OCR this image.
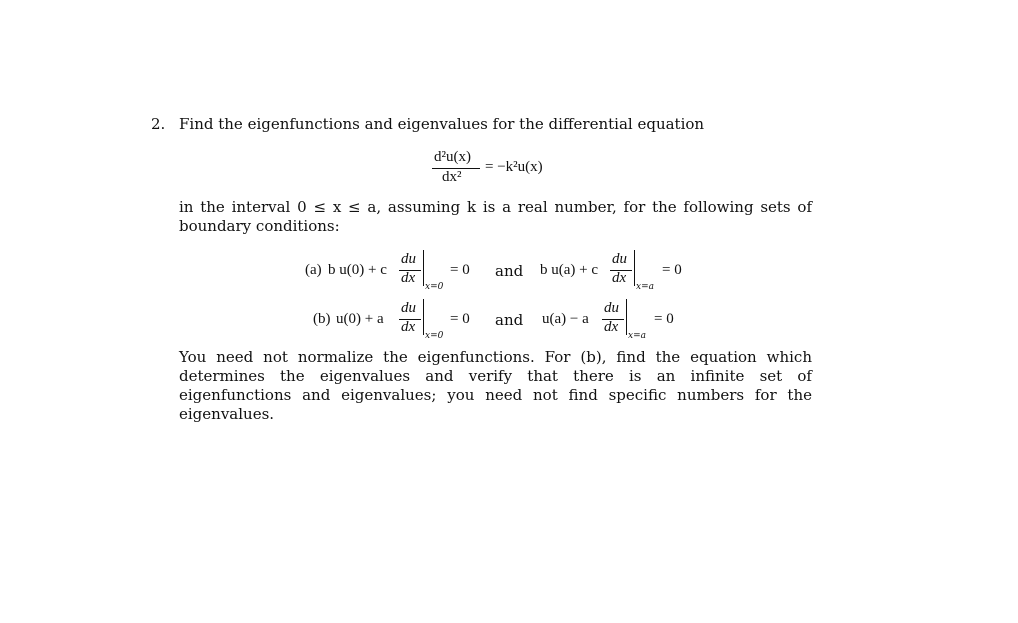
2. Find the eigenfunctions and eigenvalues for the differential equation
d²u(x)
dx²
= −k²u(x)
in the interval 0 ≤ x ≤ a, assuming k is a real number, for the following sets of boundary conditions:
(a) b u(0) + c
du
dx
x=0
= 0 and b u(a) + c
du
dx
x=a
= 0
(b) u(0) + a
du
dx
x=0
= 0 and u(a) − a
du
dx
x=a
= 0
You need not normalize the eigenfunctions. For (b), find the equation which determines the eigenvalues and verify that there is an infinite set of eigenfunctions and eigenvalues; you need not find specific numbers for the eigenvalues.
